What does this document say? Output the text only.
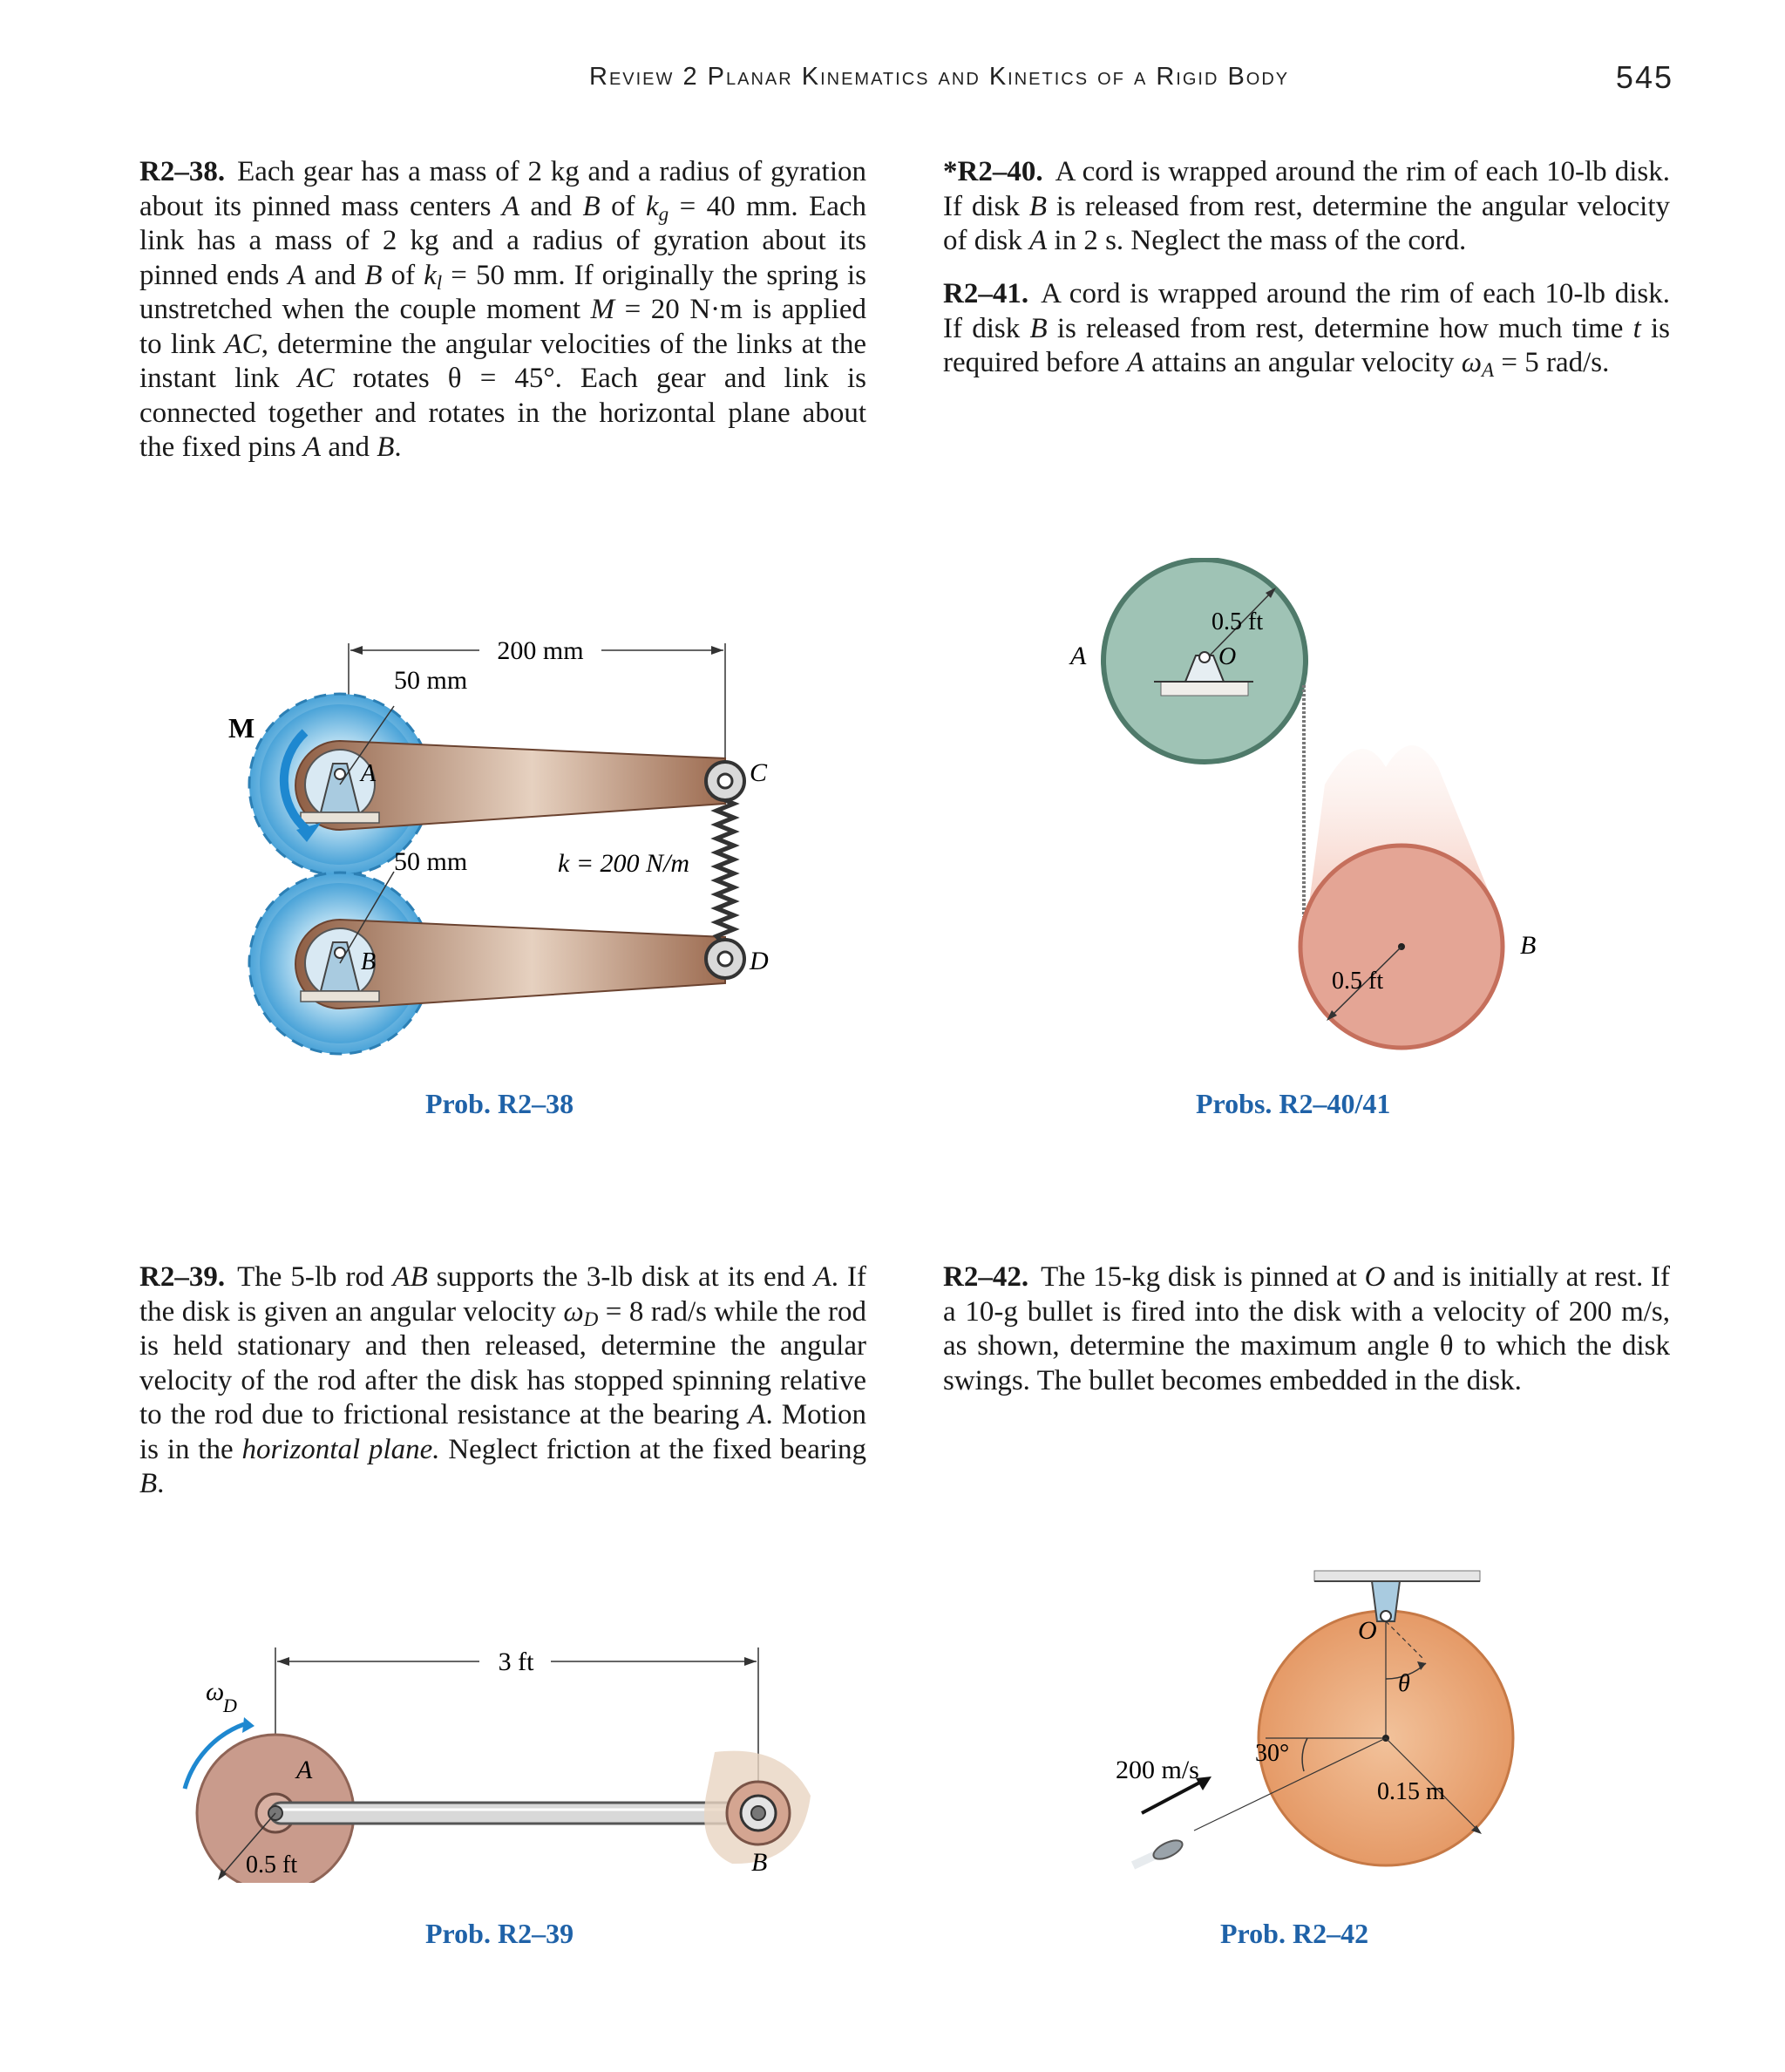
Review 2 Planar Kinematics and Kinetics of a Rigid Body	545
R2–38. Each gear has a mass of 2 kg and a radius of gyration about its pinned mass centers A and B of $k_g = 40$ mm. Each link has a mass of 2 kg and a radius of gyration about its pinned ends A and B of $k_l = 50$ mm. If originally the spring is unstretched when the couple moment M = 20 N·m is applied to link AC, determine the angular velocities of the links at the instant link AC rotates θ = 45°. Each gear and link is connected together and rotates in the horizontal plane about the fixed pins A and B.
*R2–40. A cord is wrapped around the rim of each 10-lb disk. If disk B is released from rest, determine the angular velocity of disk A in 2 s. Neglect the mass of the cord.
R2–41. A cord is wrapped around the rim of each 10-lb disk. If disk B is released from rest, determine how much time t is required before A attains an angular velocity $\omega_A = 5$ rad/s.
200 mm
A
M
50 mm
B
50 mm
C
D
k = 200 N/m
Prob. R2–38
0.5 ft
O
A
0.5 ft
B
Probs. R2–40/41
R2–39. The 5-lb rod AB supports the 3-lb disk at its end A. If the disk is given an angular velocity $\omega_D = 8$ rad/s while the rod is held stationary and then released, determine the angular velocity of the rod after the disk has stopped spinning relative to the rod due to frictional resistance at the bearing A. Motion is in the horizontal plane. Neglect friction at the fixed bearing B.
R2–42. The 15-kg disk is pinned at O and is initially at rest. If a 10-g bullet is fired into the disk with a velocity of 200 m/s, as shown, determine the maximum angle θ to which the disk swings. The bullet becomes embedded in the disk.
3 ft
ω
D
A
B
0.5 ft
Prob. R2–39
O
θ
30°
0.15 m
200 m/s
Prob. R2–42
